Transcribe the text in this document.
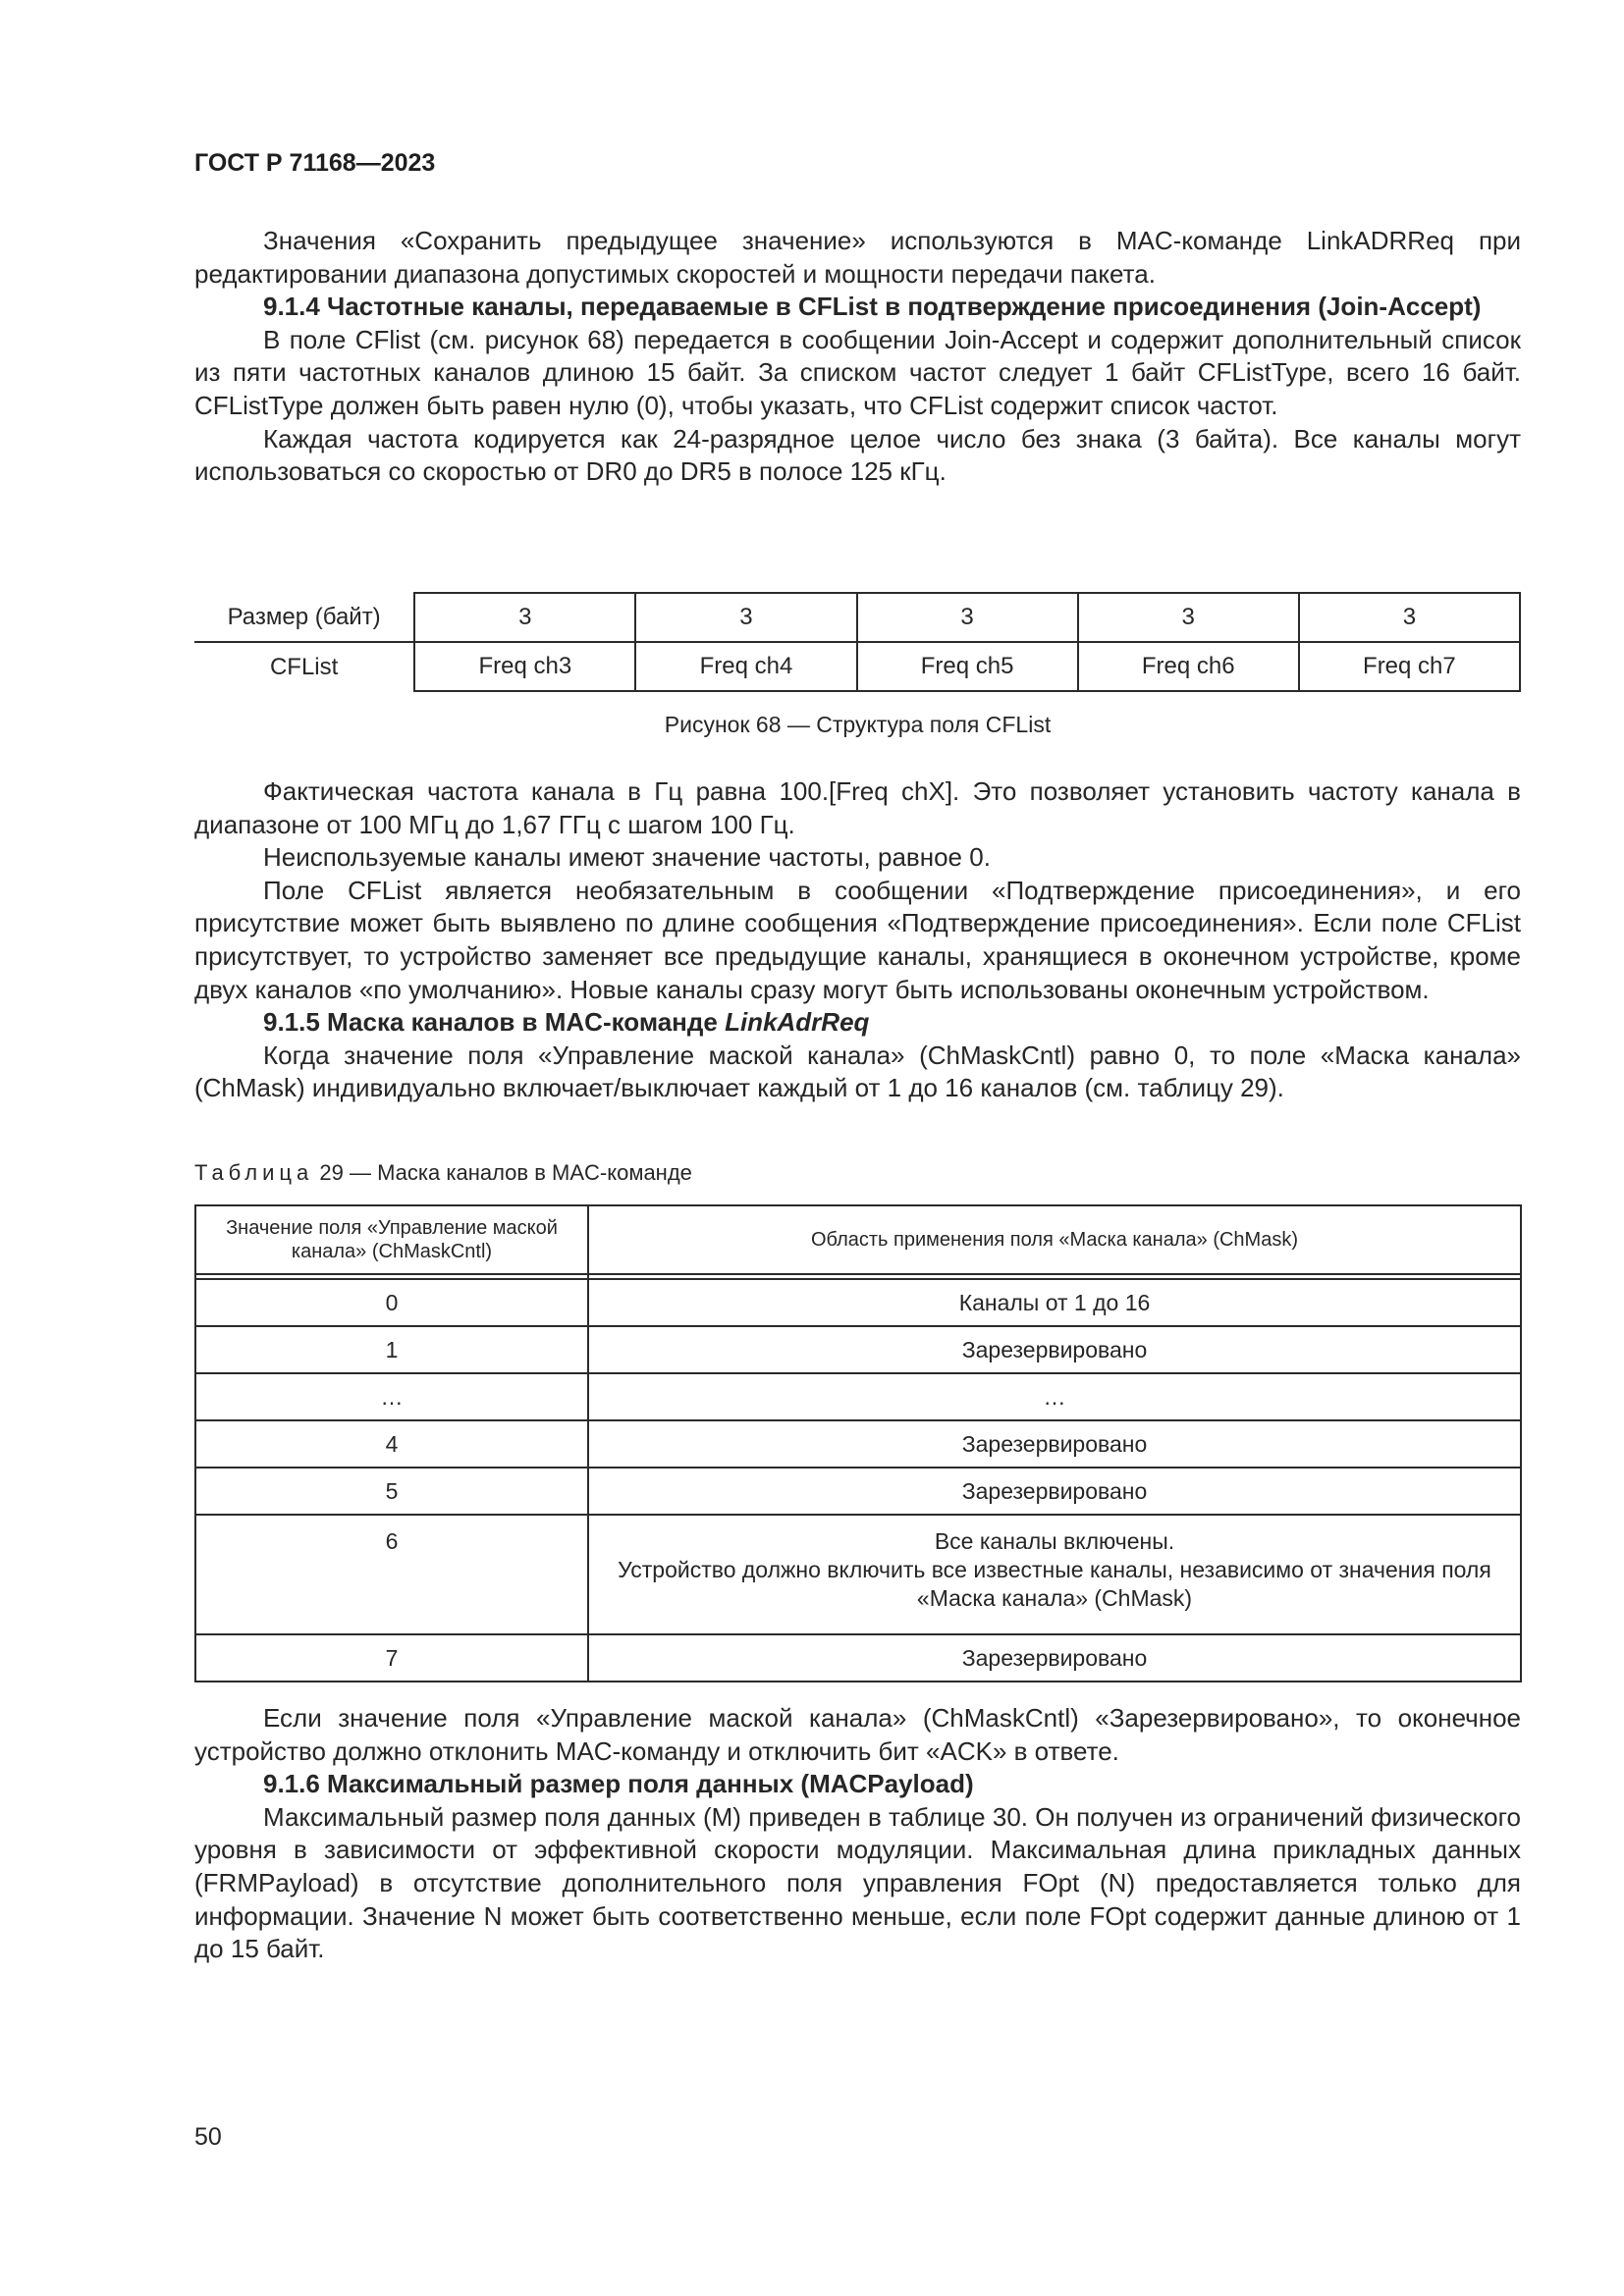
ГОСТ Р 71168—2023

Значения «Сохранить предыдущее значение» используются в MAC-команде LinkADRReq при редактировании диапазона допустимых скоростей и мощности передачи пакета.

9.1.4 Частотные каналы, передаваемые в CFList в подтверждение присоединения (Join-Accept)

В поле CFlist (см. рисунок 68) передается в сообщении Join-Accept и содержит дополнительный список из пяти частотных каналов длиною 15 байт. За списком частот следует 1 байт CFListType, всего 16 байт. CFListType должен быть равен нулю (0), чтобы указать, что CFList содержит список частот.

Каждая частота кодируется как 24-разрядное целое число без знака (3 байта). Все каналы могут использоваться со скоростью от DR0 до DR5 в полосе 125 кГц.

Размер (байт)	3	3	3	3	3
CFList	Freq ch3	Freq ch4	Freq ch5	Freq ch6	Freq ch7
Рисунок 68 — Структура поля CFList

Фактическая частота канала в Гц равна 100.[Freq chX]. Это позволяет установить частоту канала в диапазоне от 100 МГц до 1,67 ГГц с шагом 100 Гц.

Неиспользуемые каналы имеют значение частоты, равное 0.

Поле CFList является необязательным в сообщении «Подтверждение присоединения», и его присутствие может быть выявлено по длине сообщения «Подтверждение присоединения». Если поле CFList присутствует, то устройство заменяет все предыдущие каналы, хранящиеся в оконечном устройстве, кроме двух каналов «по умолчанию». Новые каналы сразу могут быть использованы оконечным устройством.

9.1.5 Маска каналов в MAC-команде LinkAdrReq

Когда значение поля «Управление маской канала» (ChMaskCntl) равно 0, то поле «Маска канала» (ChMask) индивидуально включает/выключает каждый от 1 до 16 каналов (см. таблицу 29).

Таблица 29 — Маска каналов в MAC-команде
Значение поля «Управление маской канала» (ChMaskCntl)	Область применения поля «Маска канала» (ChMask)

0	Каналы от 1 до 16
1	Зарезервировано
…	…
4	Зарезервировано
5	Зарезервировано
6	Все каналы включены.
Устройство должно включить все известные каналы, независимо от значения поля «Маска канала» (ChMask)

7	Зарезервировано

Если значение поля «Управление маской канала» (ChMaskCntl) «Зарезервировано», то оконечное устройство должно отклонить MAC-команду и отключить бит «ACK» в ответе.

9.1.6 Максимальный размер поля данных (MACPayload)

Максимальный размер поля данных (M) приведен в таблице 30. Он получен из ограничений физического уровня в зависимости от эффективной скорости модуляции. Максимальная длина прикладных данных (FRMPayload) в отсутствие дополнительного поля управления FOpt (N) предоставляется только для информации. Значение N может быть соответственно меньше, если поле FOpt содержит данные длиною от 1 до 15 байт.

50
